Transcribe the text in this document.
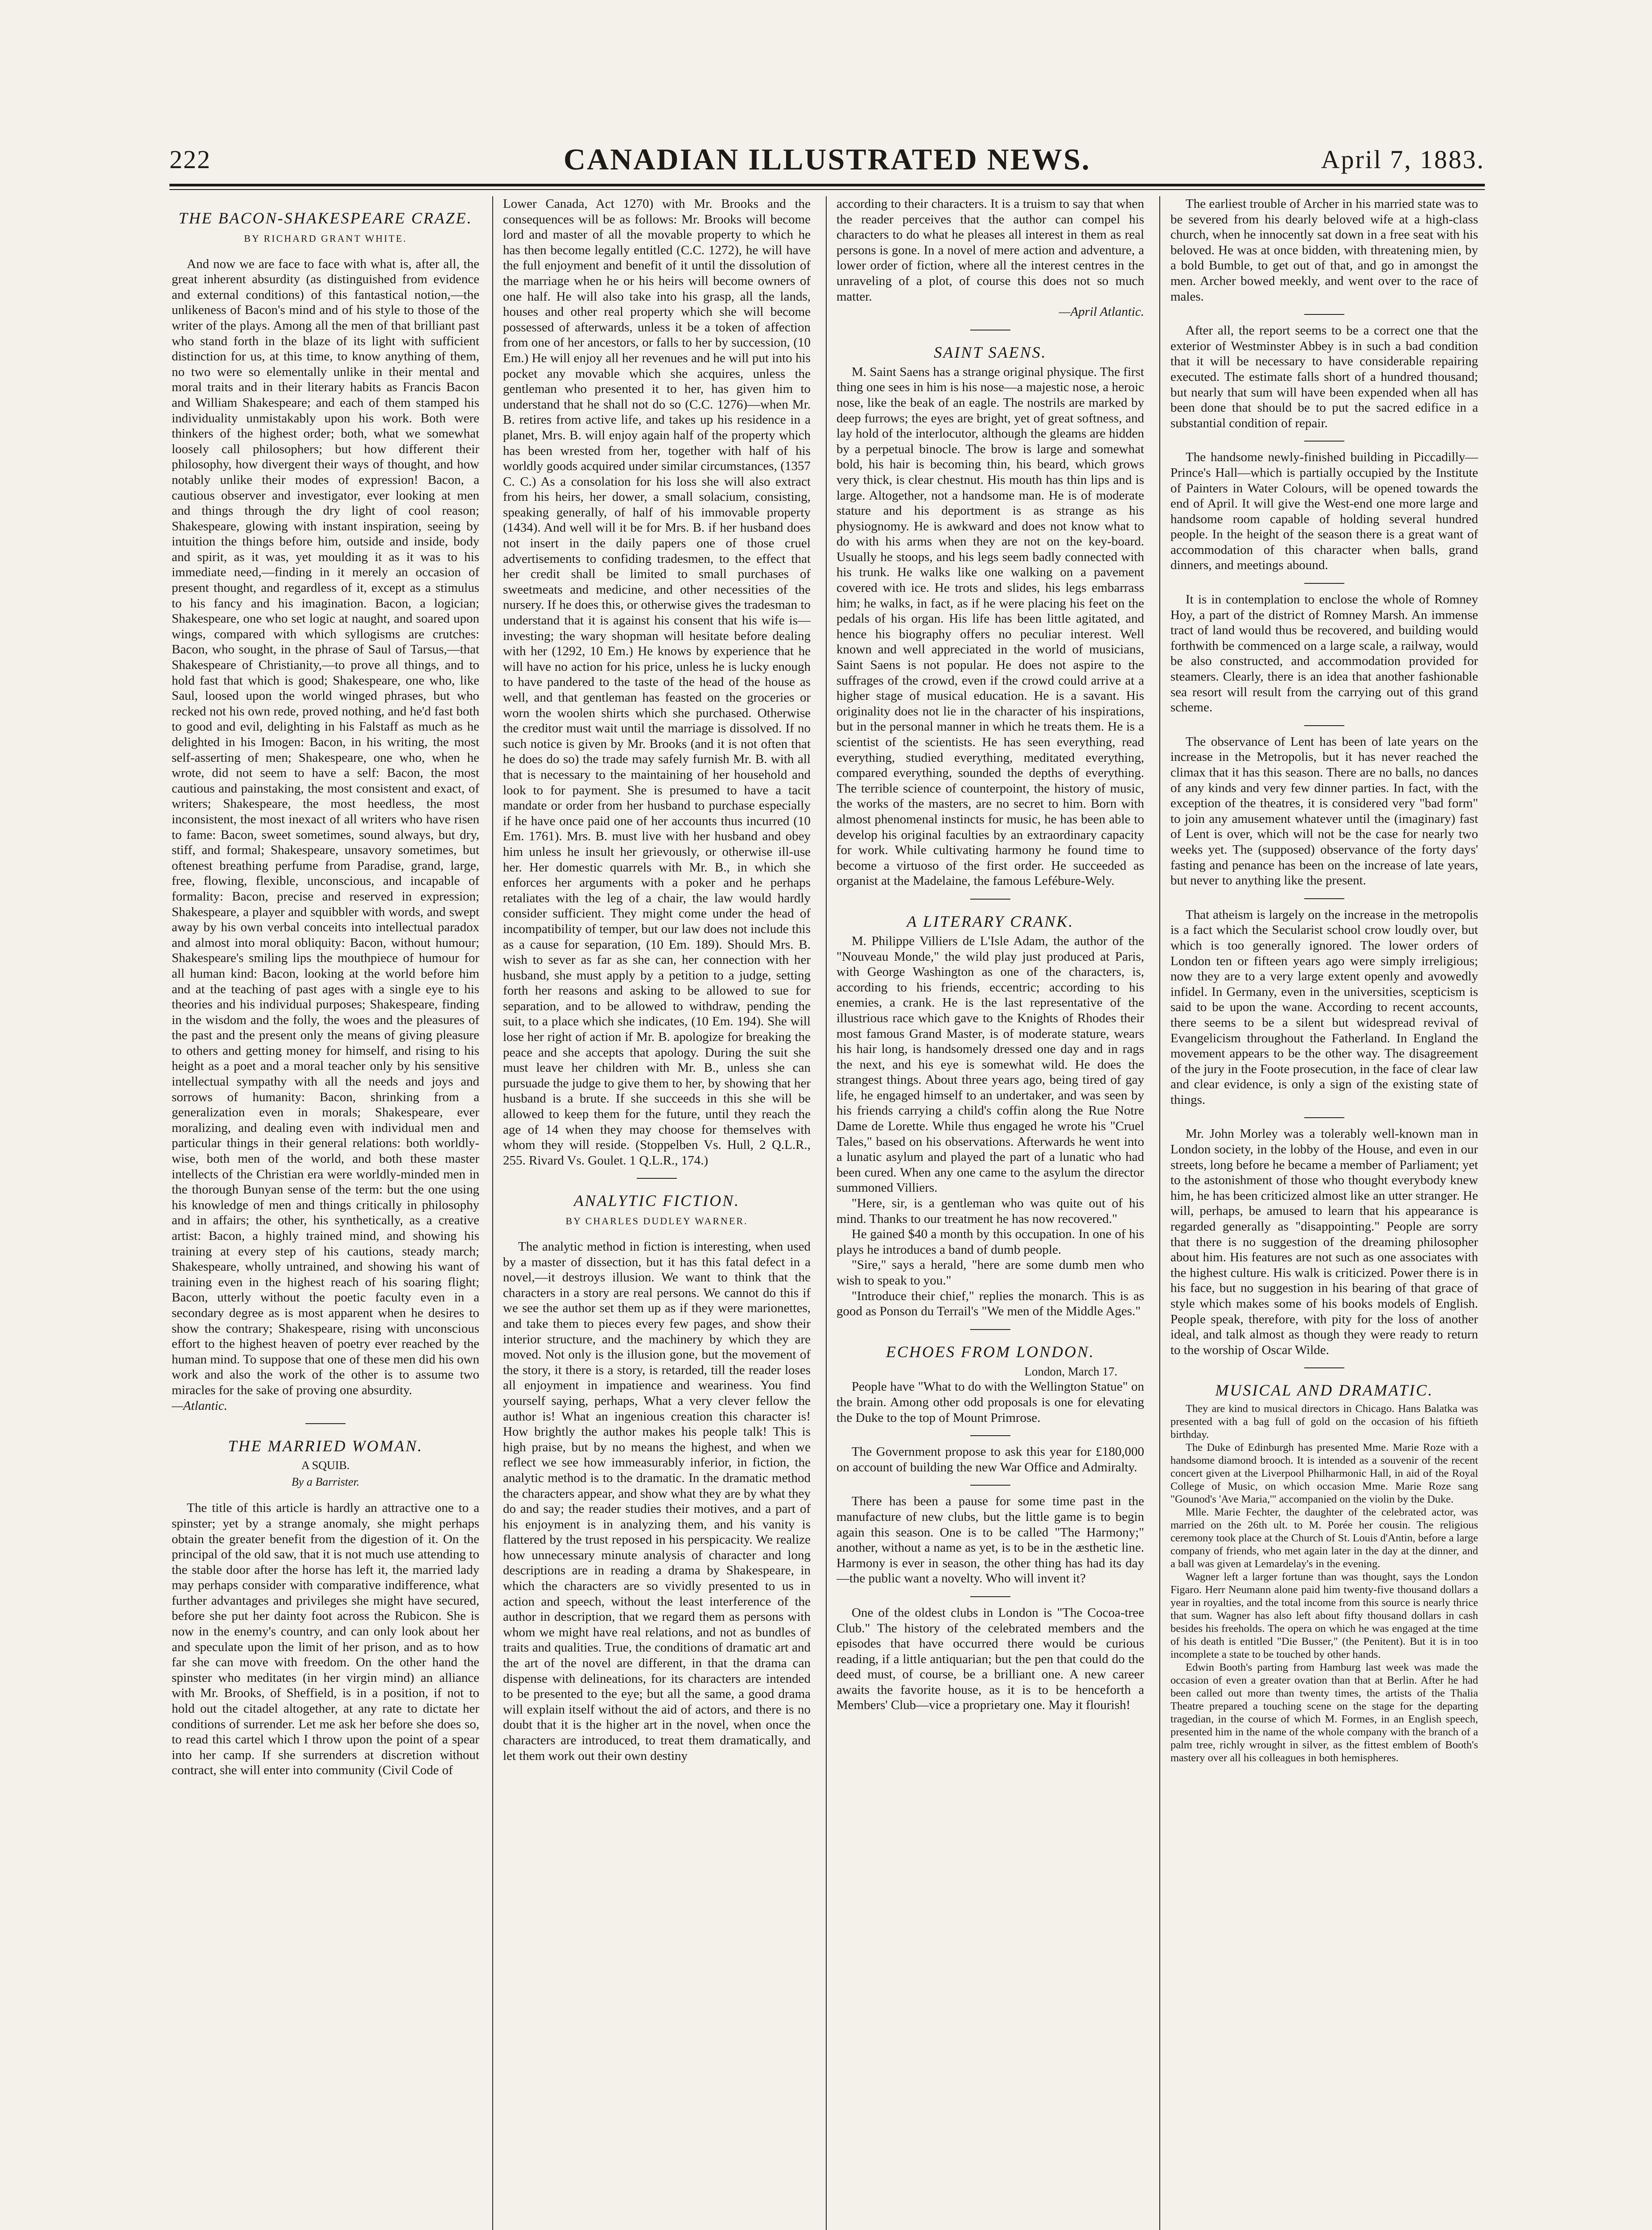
222	CANADIAN ILLUSTRATED NEWS.	April 7, 1883.
THE BACON-SHAKESPEARE CRAZE.
BY RICHARD GRANT WHITE.

And now we are face to face with what is, after all, the great inherent absurdity (as distinguished from evidence and external conditions) of this fantastical notion,—the unlikeness of Bacon's mind and of his style to those of the writer of the plays. Among all the men of that brilliant past who stand forth in the blaze of its light with sufficient distinction for us, at this time, to know anything of them, no two were so elementally unlike in their mental and moral traits and in their literary habits as Francis Bacon and William Shakespeare; and each of them stamped his individuality unmistakably upon his work. Both were thinkers of the highest order; both, what we somewhat loosely call philosophers; but how different their philosophy, how divergent their ways of thought, and how notably unlike their modes of expression! Bacon, a cautious observer and investigator, ever looking at men and things through the dry light of cool reason; Shakespeare, glowing with instant inspiration, seeing by intuition the things before him, outside and inside, body and spirit, as it was, yet moulding it as it was to his immediate need,—finding in it merely an occasion of present thought, and regardless of it, except as a stimulus to his fancy and his imagination. Bacon, a logician; Shakespeare, one who set logic at naught, and soared upon wings, compared with which syllogisms are crutches: Bacon, who sought, in the phrase of Saul of Tarsus,—that Shakespeare of Christianity,—to prove all things, and to hold fast that which is good; Shakespeare, one who, like Saul, loosed upon the world winged phrases, but who recked not his own rede, proved nothing, and he'd fast both to good and evil, delighting in his Falstaff as much as he delighted in his Imogen: Bacon, in his writing, the most self-asserting of men; Shakespeare, one who, when he wrote, did not seem to have a self: Bacon, the most cautious and painstaking, the most consistent and exact, of writers; Shakespeare, the most heedless, the most inconsistent, the most inexact of all writers who have risen to fame: Bacon, sweet sometimes, sound always, but dry, stiff, and formal; Shakespeare, unsavory sometimes, but oftenest breathing perfume from Paradise, grand, large, free, flowing, flexible, unconscious, and incapable of formality: Bacon, precise and reserved in expression; Shakespeare, a player and squibbler with words, and swept away by his own verbal conceits into intellectual paradox and almost into moral obliquity: Bacon, without humour; Shakespeare's smiling lips the mouthpiece of humour for all human kind: Bacon, looking at the world before him and at the teaching of past ages with a single eye to his theories and his individual purposes; Shakespeare, finding in the wisdom and the folly, the woes and the pleasures of the past and the present only the means of giving pleasure to others and getting money for himself, and rising to his height as a poet and a moral teacher only by his sensitive intellectual sympathy with all the needs and joys and sorrows of humanity: Bacon, shrinking from a generalization even in morals; Shakespeare, ever moralizing, and dealing even with individual men and particular things in their general relations: both worldly-wise, both men of the world, and both these master intellects of the Christian era were worldly-minded men in the thorough Bunyan sense of the term: but the one using his knowledge of men and things critically in philosophy and in affairs; the other, his synthetically, as a creative artist: Bacon, a highly trained mind, and showing his training at every step of his cautions, steady march; Shakespeare, wholly untrained, and showing his want of training even in the highest reach of his soaring flight; Bacon, utterly without the poetic faculty even in a secondary degree as is most apparent when he desires to show the contrary; Shakespeare, rising with unconscious effort to the highest heaven of poetry ever reached by the human mind. To suppose that one of these men did his own work and also the work of the other is to assume two miracles for the sake of proving one absurdity.

—Atlantic.
THE MARRIED WOMAN.
A SQUIB.
By a Barrister.

The title of this article is hardly an attractive one to a spinster; yet by a strange anomaly, she might perhaps obtain the greater benefit from the digestion of it. On the principal of the old saw, that it is not much use attending to the stable door after the horse has left it, the married lady may perhaps consider with comparative indifference, what further advantages and privileges she might have secured, before she put her dainty foot across the Rubicon. She is now in the enemy's country, and can only look about her and speculate upon the limit of her prison, and as to how far she can move with freedom. On the other hand the spinster who meditates (in her virgin mind) an alliance with Mr. Brooks, of Sheffield, is in a position, if not to hold out the citadel altogether, at any rate to dictate her conditions of surrender. Let me ask her before she does so, to read this cartel which I throw upon the point of a spear into her camp. If she surrenders at discretion without contract, she will enter into community (Civil Code of

Lower Canada, Act 1270) with Mr. Brooks and the consequences will be as follows: Mr. Brooks will become lord and master of all the movable property to which he has then become legally entitled (C.C. 1272), he will have the full enjoyment and benefit of it until the dissolution of the marriage when he or his heirs will become owners of one half. He will also take into his grasp, all the lands, houses and other real property which she will become possessed of afterwards, unless it be a token of affection from one of her ancestors, or falls to her by succession, (10 Em.) He will enjoy all her revenues and he will put into his pocket any movable which she acquires, unless the gentleman who presented it to her, has given him to understand that he shall not do so (C.C. 1276)—when Mr. B. retires from active life, and takes up his residence in a planet, Mrs. B. will enjoy again half of the property which has been wrested from her, together with half of his worldly goods acquired under similar circumstances, (1357 C. C.) As a consolation for his loss she will also extract from his heirs, her dower, a small solacium, consisting, speaking generally, of half of his immovable property (1434). And well will it be for Mrs. B. if her husband does not insert in the daily papers one of those cruel advertisements to confiding tradesmen, to the effect that her credit shall be limited to small purchases of sweetmeats and medicine, and other necessities of the nursery. If he does this, or otherwise gives the tradesman to understand that it is against his consent that his wife is—investing; the wary shopman will hesitate before dealing with her (1292, 10 Em.) He knows by experience that he will have no action for his price, unless he is lucky enough to have pandered to the taste of the head of the house as well, and that gentleman has feasted on the groceries or worn the woolen shirts which she purchased. Otherwise the creditor must wait until the marriage is dissolved. If no such notice is given by Mr. Brooks (and it is not often that he does do so) the trade may safely furnish Mr. B. with all that is necessary to the maintaining of her household and look to for payment. She is presumed to have a tacit mandate or order from her husband to purchase especially if he have once paid one of her accounts thus incurred (10 Em. 1761). Mrs. B. must live with her husband and obey him unless he insult her grievously, or otherwise ill-use her. Her domestic quarrels with Mr. B., in which she enforces her arguments with a poker and he perhaps retaliates with the leg of a chair, the law would hardly consider sufficient. They might come under the head of incompatibility of temper, but our law does not include this as a cause for separation, (10 Em. 189). Should Mrs. B. wish to sever as far as she can, her connection with her husband, she must apply by a petition to a judge, setting forth her reasons and asking to be allowed to sue for separation, and to be allowed to withdraw, pending the suit, to a place which she indicates, (10 Em. 194). She will lose her right of action if Mr. B. apologize for breaking the peace and she accepts that apology. During the suit she must leave her children with Mr. B., unless she can pursuade the judge to give them to her, by showing that her husband is a brute. If she succeeds in this she will be allowed to keep them for the future, until they reach the age of 14 when they may choose for themselves with whom they will reside. (Stoppelben Vs. Hull, 2 Q.L.R., 255. Rivard Vs. Goulet. 1 Q.L.R., 174.)

ANALYTIC FICTION.
BY CHARLES DUDLEY WARNER.

The analytic method in fiction is interesting, when used by a master of dissection, but it has this fatal defect in a novel,—it destroys illusion. We want to think that the characters in a story are real persons. We cannot do this if we see the author set them up as if they were marionettes, and take them to pieces every few pages, and show their interior structure, and the machinery by which they are moved. Not only is the illusion gone, but the movement of the story, it there is a story, is retarded, till the reader loses all enjoyment in impatience and weariness. You find yourself saying, perhaps, What a very clever fellow the author is! What an ingenious creation this character is! How brightly the author makes his people talk! This is high praise, but by no means the highest, and when we reflect we see how immeasurably inferior, in fiction, the analytic method is to the dramatic. In the dramatic method the characters appear, and show what they are by what they do and say; the reader studies their motives, and a part of his enjoyment is in analyzing them, and his vanity is flattered by the trust reposed in his perspicacity. We realize how unnecessary minute analysis of character and long descriptions are in reading a drama by Shakespeare, in which the characters are so vividly presented to us in action and speech, without the least interference of the author in description, that we regard them as persons with whom we might have real relations, and not as bundles of traits and qualities. True, the conditions of dramatic art and the art of the novel are different, in that the drama can dispense with delineations, for its characters are intended to be presented to the eye; but all the same, a good drama will explain itself without the aid of actors, and there is no doubt that it is the higher art in the novel, when once the characters are introduced, to treat them dramatically, and let them work out their own destiny

according to their characters. It is a truism to say that when the reader perceives that the author can compel his characters to do what he pleases all interest in them as real persons is gone. In a novel of mere action and adventure, a lower order of fiction, where all the interest centres in the unraveling of a plot, of course this does not so much matter.

—April Atlantic.
SAINT SAENS.

M. Saint Saens has a strange original physique. The first thing one sees in him is his nose—a majestic nose, a heroic nose, like the beak of an eagle. The nostrils are marked by deep furrows; the eyes are bright, yet of great softness, and lay hold of the interlocutor, although the gleams are hidden by a perpetual binocle. The brow is large and somewhat bold, his hair is becoming thin, his beard, which grows very thick, is clear chestnut. His mouth has thin lips and is large. Altogether, not a handsome man. He is of moderate stature and his deportment is as strange as his physiognomy. He is awkward and does not know what to do with his arms when they are not on the key-board. Usually he stoops, and his legs seem badly connected with his trunk. He walks like one walking on a pavement covered with ice. He trots and slides, his legs embarrass him; he walks, in fact, as if he were placing his feet on the pedals of his organ. His life has been little agitated, and hence his biography offers no peculiar interest. Well known and well appreciated in the world of musicians, Saint Saens is not popular. He does not aspire to the suffrages of the crowd, even if the crowd could arrive at a higher stage of musical education. He is a savant. His originality does not lie in the character of his inspirations, but in the personal manner in which he treats them. He is a scientist of the scientists. He has seen everything, read everything, studied everything, meditated everything, compared everything, sounded the depths of everything. The terrible science of counterpoint, the history of music, the works of the masters, are no secret to him. Born with almost phenomenal instincts for music, he has been able to develop his original faculties by an extraordinary capacity for work. While cultivating harmony he found time to become a virtuoso of the first order. He succeeded as organist at the Madelaine, the famous Lefébure-Wely.

A LITERARY CRANK.

M. Philippe Villiers de L'Isle Adam, the author of the "Nouveau Monde," the wild play just produced at Paris, with George Washington as one of the characters, is, according to his friends, eccentric; according to his enemies, a crank. He is the last representative of the illustrious race which gave to the Knights of Rhodes their most famous Grand Master, is of moderate stature, wears his hair long, is handsomely dressed one day and in rags the next, and his eye is somewhat wild. He does the strangest things. About three years ago, being tired of gay life, he engaged himself to an undertaker, and was seen by his friends carrying a child's coffin along the Rue Notre Dame de Lorette. While thus engaged he wrote his "Cruel Tales," based on his observations. Afterwards he went into a lunatic asylum and played the part of a lunatic who had been cured. When any one came to the asylum the director summoned Villiers.

"Here, sir, is a gentleman who was quite out of his mind. Thanks to our treatment he has now recovered."

He gained $40 a month by this occupation. In one of his plays he introduces a band of dumb people.

"Sire," says a herald, "here are some dumb men who wish to speak to you."

"Introduce their chief," replies the monarch. This is as good as Ponson du Terrail's "We men of the Middle Ages."

ECHOES FROM LONDON.
London, March 17.

People have "What to do with the Wellington Statue" on the brain. Among other odd proposals is one for elevating the Duke to the top of Mount Primrose.

The Government propose to ask this year for £180,000 on account of building the new War Office and Admiralty.

There has been a pause for some time past in the manufacture of new clubs, but the little game is to begin again this season. One is to be called "The Harmony;" another, without a name as yet, is to be in the æsthetic line. Harmony is ever in season, the other thing has had its day—the public want a novelty. Who will invent it?

One of the oldest clubs in London is "The Cocoa-tree Club." The history of the celebrated members and the episodes that have occurred there would be curious reading, if a little antiquarian; but the pen that could do the deed must, of course, be a brilliant one. A new career awaits the favorite house, as it is to be henceforth a Members' Club—vice a proprietary one. May it flourish!

The earliest trouble of Archer in his married state was to be severed from his dearly beloved wife at a high-class church, when he innocently sat down in a free seat with his beloved. He was at once bidden, with threatening mien, by a bold Bumble, to get out of that, and go in amongst the men. Archer bowed meekly, and went over to the race of males.

After all, the report seems to be a correct one that the exterior of Westminster Abbey is in such a bad condition that it will be necessary to have considerable repairing executed. The estimate falls short of a hundred thousand; but nearly that sum will have been expended when all has been done that should be to put the sacred edifice in a substantial condition of repair.

The handsome newly-finished building in Piccadilly—Prince's Hall—which is partially occupied by the Institute of Painters in Water Colours, will be opened towards the end of April. It will give the West-end one more large and handsome room capable of holding several hundred people. In the height of the season there is a great want of accommodation of this character when balls, grand dinners, and meetings abound.

It is in contemplation to enclose the whole of Romney Hoy, a part of the district of Romney Marsh. An immense tract of land would thus be recovered, and building would forthwith be commenced on a large scale, a railway, would be also constructed, and accommodation provided for steamers. Clearly, there is an idea that another fashionable sea resort will result from the carrying out of this grand scheme.

The observance of Lent has been of late years on the increase in the Metropolis, but it has never reached the climax that it has this season. There are no balls, no dances of any kinds and very few dinner parties. In fact, with the exception of the theatres, it is considered very "bad form" to join any amusement whatever until the (imaginary) fast of Lent is over, which will not be the case for nearly two weeks yet. The (supposed) observance of the forty days' fasting and penance has been on the increase of late years, but never to anything like the present.

That atheism is largely on the increase in the metropolis is a fact which the Secularist school crow loudly over, but which is too generally ignored. The lower orders of London ten or fifteen years ago were simply irreligious; now they are to a very large extent openly and avowedly infidel. In Germany, even in the universities, scepticism is said to be upon the wane. According to recent accounts, there seems to be a silent but widespread revival of Evangelicism throughout the Fatherland. In England the movement appears to be the other way. The disagreement of the jury in the Foote prosecution, in the face of clear law and clear evidence, is only a sign of the existing state of things.

Mr. John Morley was a tolerably well-known man in London society, in the lobby of the House, and even in our streets, long before he became a member of Parliament; yet to the astonishment of those who thought everybody knew him, he has been criticized almost like an utter stranger. He will, perhaps, be amused to learn that his appearance is regarded generally as "disappointing." People are sorry that there is no suggestion of the dreaming philosopher about him. His features are not such as one associates with the highest culture. His walk is criticized. Power there is in his face, but no suggestion in his bearing of that grace of style which makes some of his books models of English. People speak, therefore, with pity for the loss of another ideal, and talk almost as though they were ready to return to the worship of Oscar Wilde.

MUSICAL AND DRAMATIC.

They are kind to musical directors in Chicago. Hans Balatka was presented with a bag full of gold on the occasion of his fiftieth birthday.

The Duke of Edinburgh has presented Mme. Marie Roze with a handsome diamond brooch. It is intended as a souvenir of the recent concert given at the Liverpool Philharmonic Hall, in aid of the Royal College of Music, on which occasion Mme. Marie Roze sang "Gounod's 'Ave Maria,'" accompanied on the violin by the Duke.

Mlle. Marie Fechter, the daughter of the celebrated actor, was married on the 26th ult. to M. Porée her cousin. The religious ceremony took place at the Church of St. Louis d'Antin, before a large company of friends, who met again later in the day at the dinner, and a ball was given at Lemardelay's in the evening.

Wagner left a larger fortune than was thought, says the London Figaro. Herr Neumann alone paid him twenty-five thousand dollars a year in royalties, and the total income from this source is nearly thrice that sum. Wagner has also left about fifty thousand dollars in cash besides his freeholds. The opera on which he was engaged at the time of his death is entitled "Die Busser," (the Penitent). But it is in too incomplete a state to be touched by other hands.

Edwin Booth's parting from Hamburg last week was made the occasion of even a greater ovation than that at Berlin. After he had been called out more than twenty times, the artists of the Thalia Theatre prepared a touching scene on the stage for the departing tragedian, in the course of which M. Formes, in an English speech, presented him in the name of the whole company with the branch of a palm tree, richly wrought in silver, as the fittest emblem of Booth's mastery over all his colleagues in both hemispheres.
